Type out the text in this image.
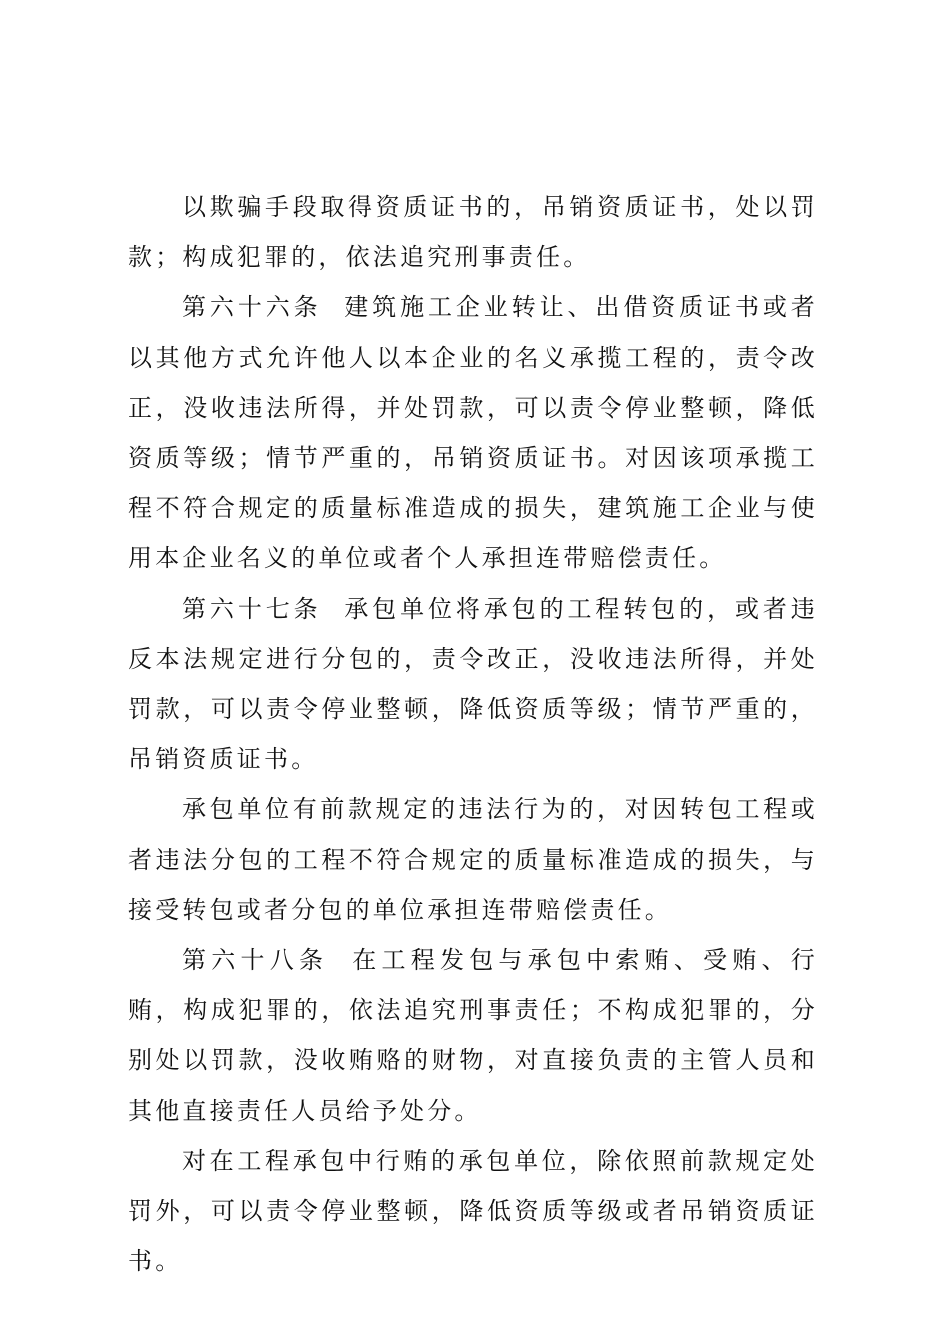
以欺骗手段取得资质证书的，吊销资质证书，处以罚款；构成犯罪的，依法追究刑事责任。

第六十六条 建筑施工企业转让、出借资质证书或者以其他方式允许他人以本企业的名义承揽工程的，责令改正，没收违法所得，并处罚款，可以责令停业整顿，降低资质等级；情节严重的，吊销资质证书。对因该项承揽工程不符合规定的质量标准造成的损失，建筑施工企业与使用本企业名义的单位或者个人承担连带赔偿责任。

第六十七条 承包单位将承包的工程转包的，或者违反本法规定进行分包的，责令改正，没收违法所得，并处罚款，可以责令停业整顿，降低资质等级；情节严重的，吊销资质证书。

承包单位有前款规定的违法行为的，对因转包工程或者违法分包的工程不符合规定的质量标准造成的损失，与接受转包或者分包的单位承担连带赔偿责任。

第六十八条 在工程发包与承包中索贿、受贿、行贿，构成犯罪的，依法追究刑事责任；不构成犯罪的，分别处以罚款，没收贿赂的财物，对直接负责的主管人员和其他直接责任人员给予处分。

对在工程承包中行贿的承包单位，除依照前款规定处罚外，可以责令停业整顿，降低资质等级或者吊销资质证书。
